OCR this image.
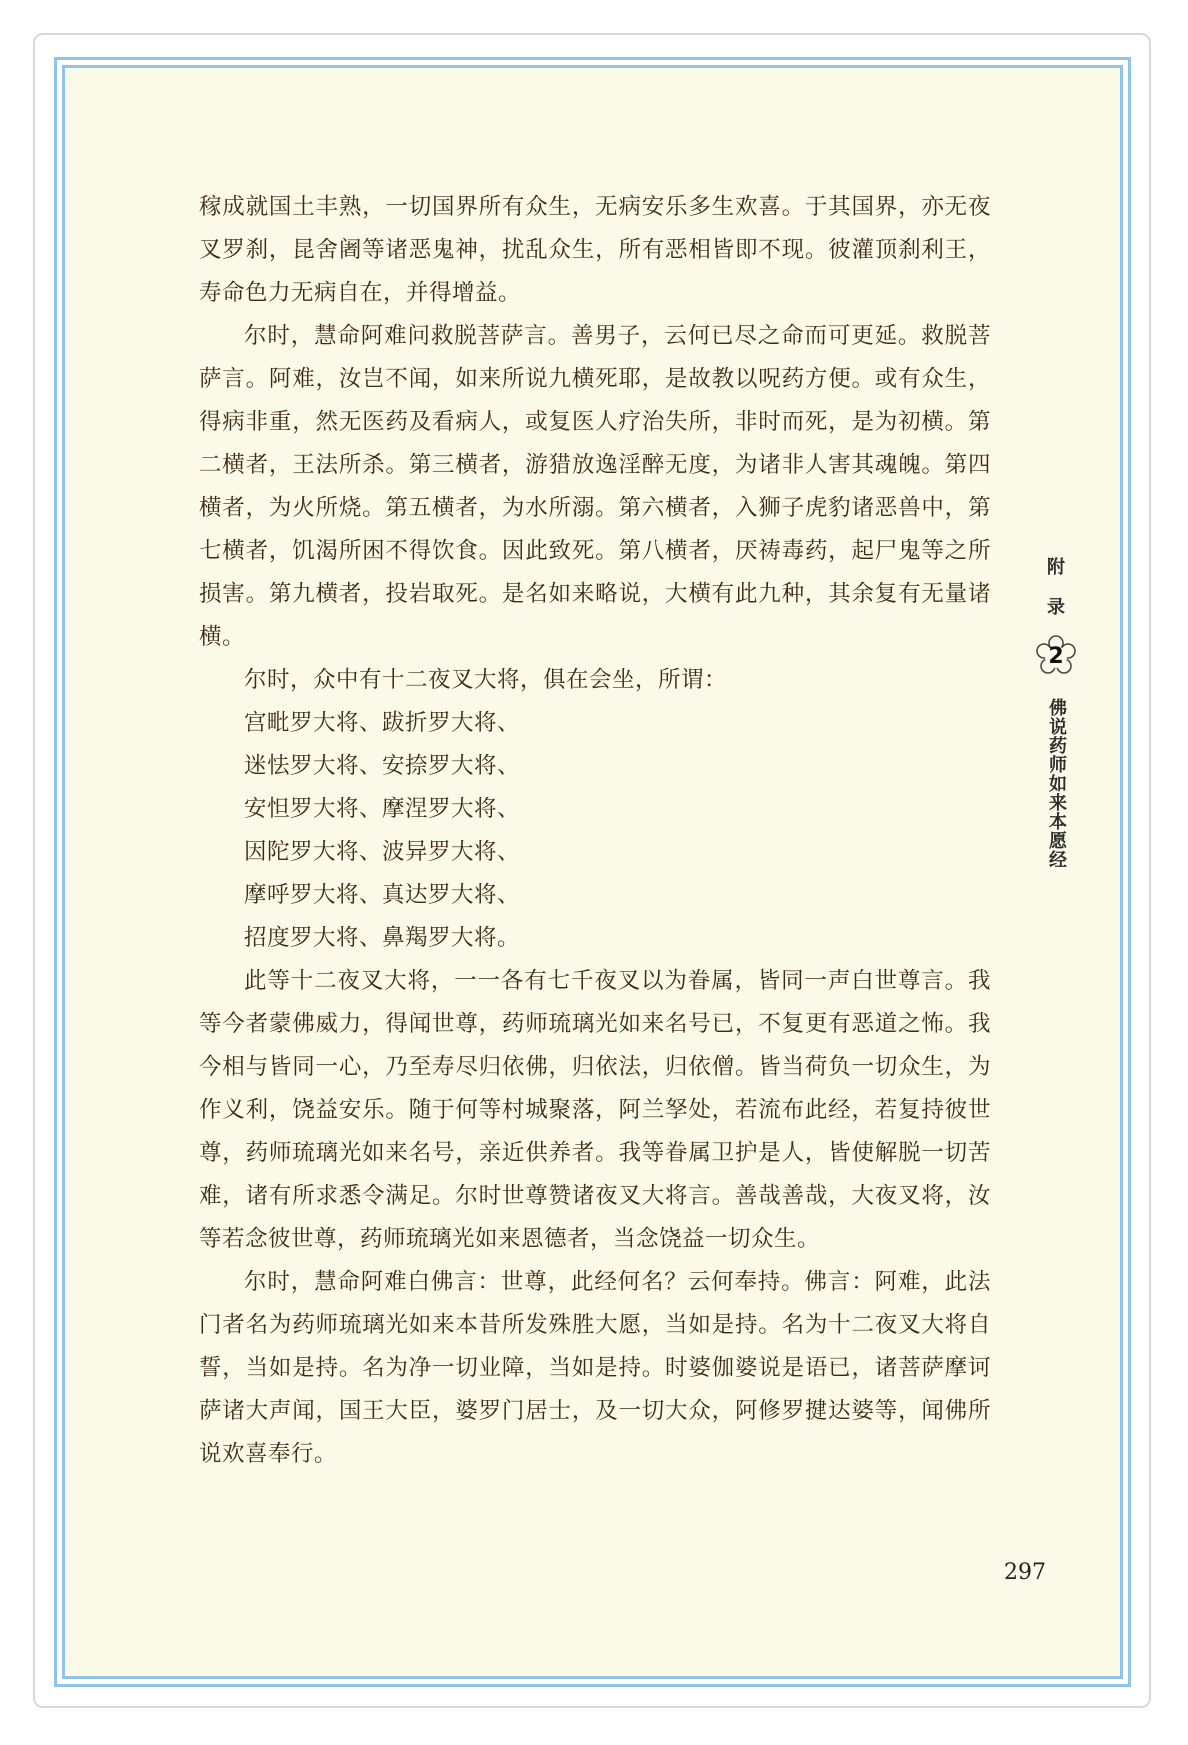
稼成就国土丰熟，一切国界所有众生，无病安乐多生欢喜。于其国界，亦无夜叉罗刹，昆舍阇等诸恶鬼神，扰乱众生，所有恶相皆即不现。彼灌顶刹利王，寿命色力无病自在，并得增益。

尔时，慧命阿难问救脱菩萨言。善男子，云何已尽之命而可更延。救脱菩萨言。阿难，汝岂不闻，如来所说九横死耶，是故教以呪药方便。或有众生，得病非重，然无医药及看病人，或复医人疗治失所，非时而死，是为初横。第二横者，王法所杀。第三横者，游猎放逸淫醉无度，为诸非人害其魂魄。第四横者，为火所烧。第五横者，为水所溺。第六横者，入狮子虎豹诸恶兽中，第七横者，饥渴所困不得饮食。因此致死。第八横者，厌祷毒药，起尸鬼等之所损害。第九横者，投岩取死。是名如来略说，大横有此九种，其余复有无量诸横。

尔时，众中有十二夜叉大将，俱在会坐，所谓：

宫毗罗大将、跋折罗大将、

迷怯罗大将、安捺罗大将、

安怛罗大将、摩涅罗大将、

因陀罗大将、波异罗大将、

摩呼罗大将、真达罗大将、

招度罗大将、鼻羯罗大将。

此等十二夜叉大将，一一各有七千夜叉以为眷属，皆同一声白世尊言。我等今者蒙佛威力，得闻世尊，药师琉璃光如来名号已，不复更有恶道之怖。我今相与皆同一心，乃至寿尽归依佛，归依法，归依僧。皆当荷负一切众生，为作义利，饶益安乐。随于何等村城聚落，阿兰孥处，若流布此经，若复持彼世尊，药师琉璃光如来名号，亲近供养者。我等眷属卫护是人，皆使解脱一切苦难，诸有所求悉令满足。尔时世尊赞诸夜叉大将言。善哉善哉，大夜叉将，汝等若念彼世尊，药师琉璃光如来恩德者，当念饶益一切众生。

尔时，慧命阿难白佛言：世尊，此经何名？云何奉持。佛言：阿难，此法门者名为药师琉璃光如来本昔所发殊胜大愿，当如是持。名为十二夜叉大将自誓，当如是持。名为净一切业障，当如是持。时婆伽婆说是语已，诸菩萨摩诃萨诸大声闻，国王大臣，婆罗门居士，及一切大众，阿修罗揵达婆等，闻佛所说欢喜奉行。

附
录
2
佛说药师如来本愿经
297
